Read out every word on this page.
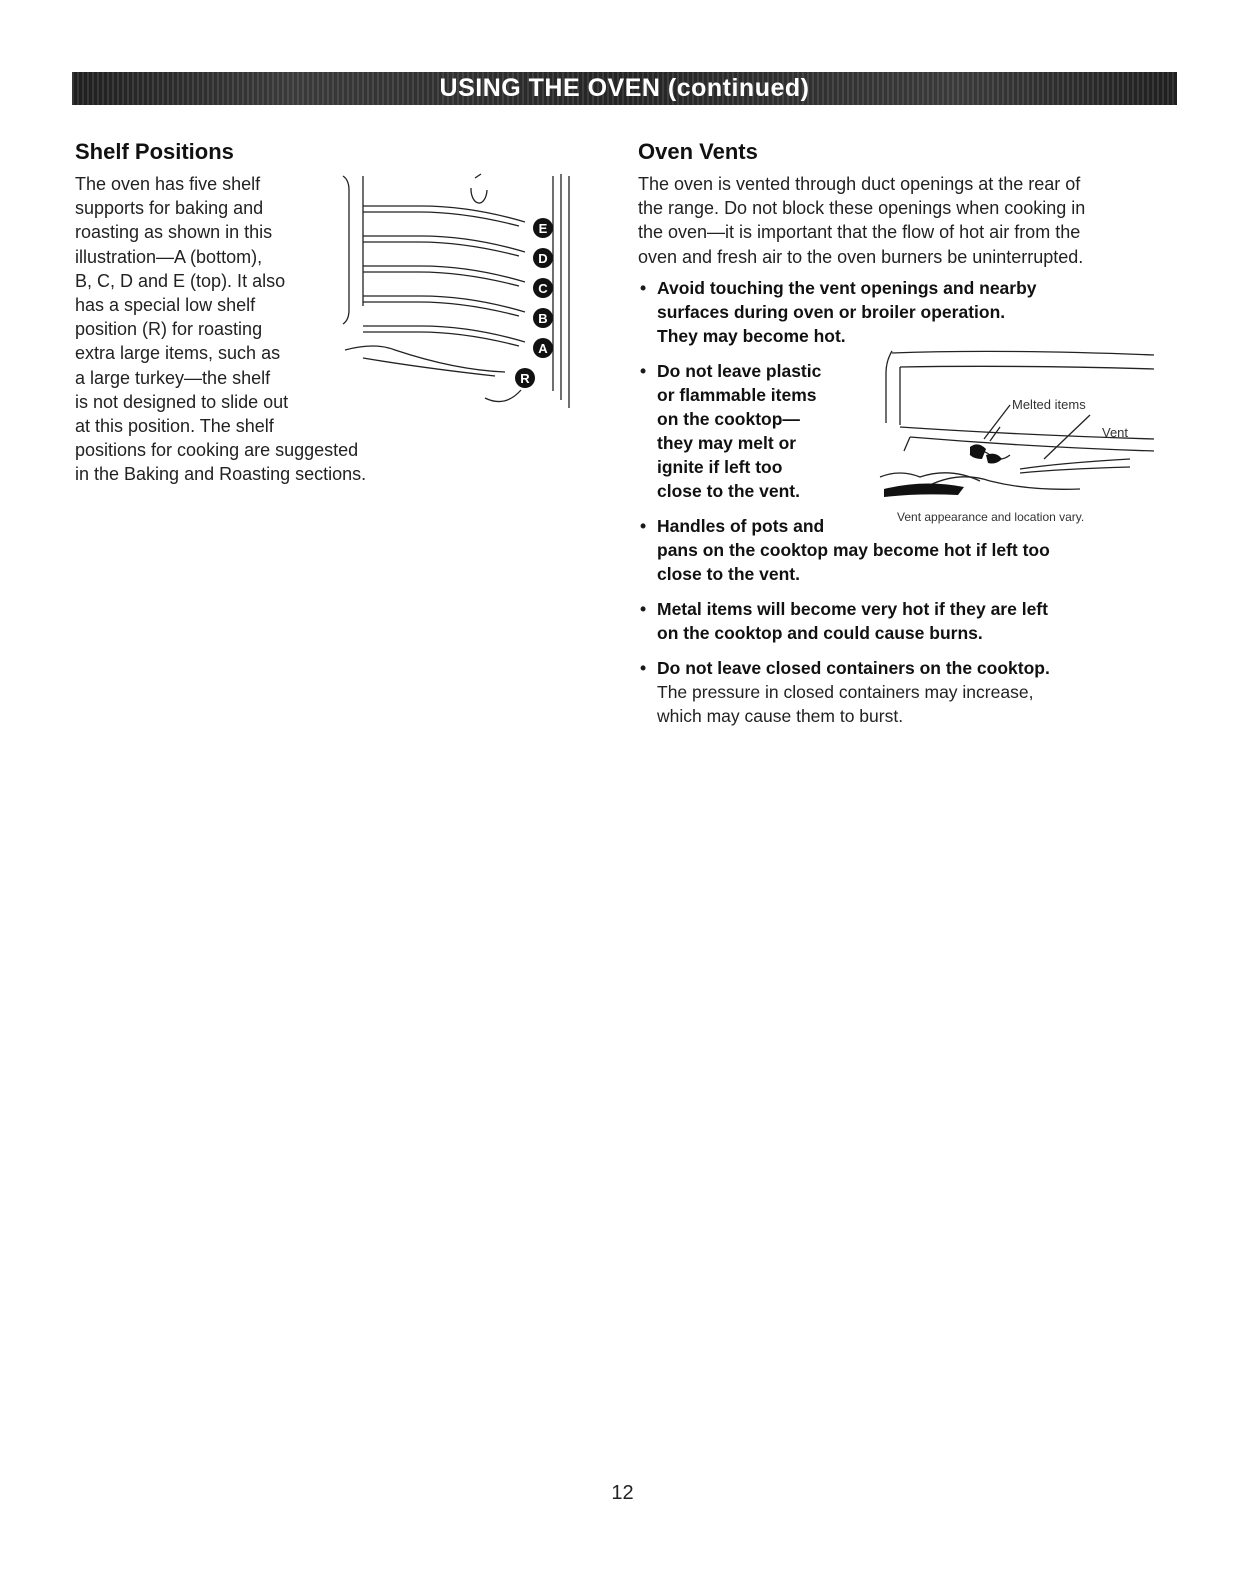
USING THE OVEN (continued)
Shelf Positions
The oven has five shelf
supports for baking and
roasting as shown in this
illustration—A (bottom),
B, C, D and E (top). It also
has a special low shelf
position (R) for roasting
extra large items, such as
a large turkey—the shelf
is not designed to slide out
at this position. The shelf
positions for cooking are suggested
in the Baking and Roasting sections.
E
D
C
B
A
R
Oven Vents
The oven is vented through duct openings at the rear of
the range. Do not block these openings when cooking in
the oven—it is important that the flow of hot air from the
oven and fresh air to the oven burners be uninterrupted.
• Avoid touching the vent openings and nearby
surfaces during oven or broiler operation.
They may become hot.
• Do not leave plastic
or flammable items
on the cooktop—
they may melt or
ignite if left too
close to the vent.
• Handles of pots and
pans on the cooktop may become hot if left too
close to the vent.
• Metal items will become very hot if they are left
on the cooktop and could cause burns.
• Do not leave closed containers on the cooktop.
The pressure in closed containers may increase,
which may cause them to burst.
Melted items
Vent
Vent appearance and location vary.
12
